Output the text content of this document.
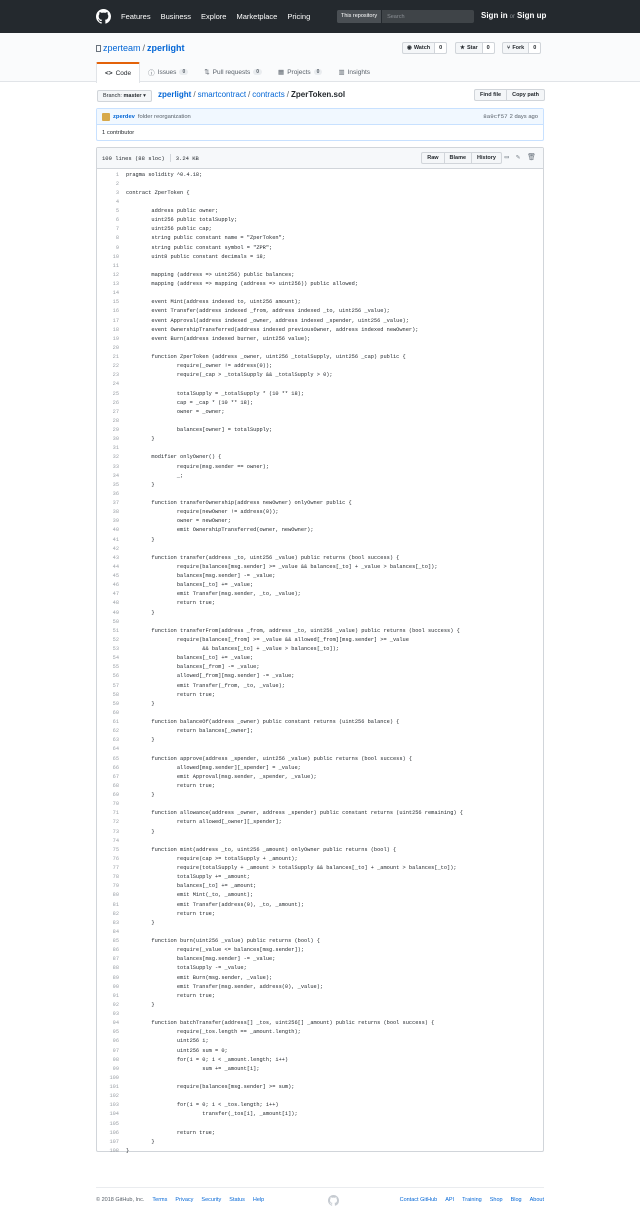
Features Business Explore Marketplace Pricing	This repository	Search	Sign in or Sign up
zperteam / zperlight	◉ Watch	0	★ Star	0	⑂ Fork	0
<> Code	ⓘ Issues	0	⇅ Pull requests	0	▦ Projects	0	▥ Insights
Branch: master ▾	zperlight / smartcontract / contracts / ZperToken.sol	Find file	Copy path
zperdev folder reorganization	8a9cf57 2 days ago
1 contributor
109 lines (88 sloc) 3.24 KB	Raw	Blame	History	▭ ✎ 🗑
1	pragma solidity ^0.4.18;
2
3	contract ZperToken {
4
5	address public owner;
6	uint256 public totalSupply;
7	uint256 public cap;
8	string public constant name = "ZperToken";
9	string public constant symbol = "ZPR";
10	uint8 public constant decimals = 18;
11
12	mapping (address => uint256) public balances;
13	mapping (address => mapping (address => uint256)) public allowed;
14
15	event Mint(address indexed to, uint256 amount);
16	event Transfer(address indexed _from, address indexed _to, uint256 _value);
17	event Approval(address indexed _owner, address indexed _spender, uint256 _value);
18	event OwnershipTransferred(address indexed previousOwner, address indexed newOwner);
19	event Burn(address indexed burner, uint256 value);
20
21	function ZperToken (address _owner, uint256 _totalSupply, uint256 _cap) public {
22	require(_owner != address(0));
23	require(_cap > _totalSupply && _totalSupply > 0);
24
25	totalSupply = _totalSupply * (10 ** 18);
26	cap = _cap * (10 ** 18);
27	owner = _owner;
28
29	balances[owner] = totalSupply;
30	}
31
32	modifier onlyOwner() {
33	require(msg.sender == owner);
34	_;
35	}
36
37	function transferOwnership(address newOwner) onlyOwner public {
38	require(newOwner != address(0));
39	owner = newOwner;
40	emit OwnershipTransferred(owner, newOwner);
41	}
42
43	function transfer(address _to, uint256 _value) public returns (bool success) {
44	require(balances[msg.sender] >= _value && balances[_to] + _value > balances[_to]);
45	balances[msg.sender] -= _value;
46	balances[_to] += _value;
47	emit Transfer(msg.sender, _to, _value);
48	return true;
49	}
50
51	function transferFrom(address _from, address _to, uint256 _value) public returns (bool success) {
52	require(balances[_from] >= _value && allowed[_from][msg.sender] >= _value
53	&& balances[_to] + _value > balances[_to]);
54	balances[_to] += _value;
55	balances[_from] -= _value;
56	allowed[_from][msg.sender] -= _value;
57	emit Transfer(_from, _to, _value);
58	return true;
59	}
60
61	function balanceOf(address _owner) public constant returns (uint256 balance) {
62	return balances[_owner];
63	}
64
65	function approve(address _spender, uint256 _value) public returns (bool success) {
66	allowed[msg.sender][_spender] = _value;
67	emit Approval(msg.sender, _spender, _value);
68	return true;
69	}
70
71	function allowance(address _owner, address _spender) public constant returns (uint256 remaining) {
72	return allowed[_owner][_spender];
73	}
74
75	function mint(address _to, uint256 _amount) onlyOwner public returns (bool) {
76	require(cap >= totalSupply + _amount);
77	require(totalSupply + _amount > totalSupply && balances[_to] + _amount > balances[_to]);
78	totalSupply += _amount;
79	balances[_to] += _amount;
80	emit Mint(_to, _amount);
81	emit Transfer(address(0), _to, _amount);
82	return true;
83	}
84
85	function burn(uint256 _value) public returns (bool) {
86	require(_value <= balances[msg.sender]);
87	balances[msg.sender] -= _value;
88	totalSupply -= _value;
89	emit Burn(msg.sender, _value);
90	emit Transfer(msg.sender, address(0), _value);
91	return true;
92	}
93
94	function batchTransfer(address[] _tos, uint256[] _amount) public returns (bool success) {
95	require(_tos.length == _amount.length);
96	uint256 i;
97	uint256 sum = 0;
98	for(i = 0; i < _amount.length; i++)
99	sum += _amount[i];
100
101	require(balances[msg.sender] >= sum);
102
103	for(i = 0; i < _tos.length; i++)
104	transfer(_tos[i], _amount[i]);
105
106	return true;
107	}
108	}
© 2018 GitHub, Inc. Terms Privacy Security Status Help	Contact GitHub API Training Shop Blog About
